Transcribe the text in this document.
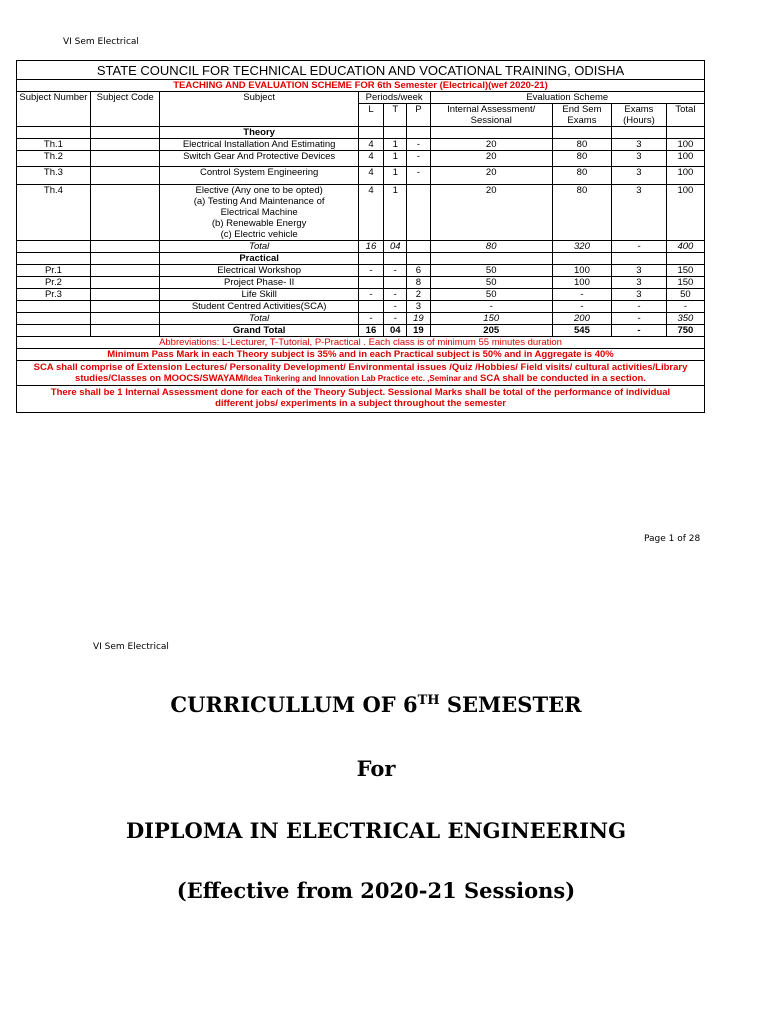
VI Sem Electrical
STATE COUNCIL FOR TECHNICAL EDUCATION AND VOCATIONAL TRAINING, ODISHA									
TEACHING AND EVALUATION SCHEME FOR 6th Semester (Electrical)(wef 2020-21)									
Subject Number	Subject Code	Subject	Periods/week			Evaluation Scheme			
			L	T	P	Internal Assessment/ Sessional	End Sem Exams	Exams (Hours)	Total
		Theory							
Th.1		Electrical Installation And Estimating	4	1	-	20	80	3	100
Th.2		Switch Gear And Protective Devices	4	1	-	20	80	3	100
Th.3		Control System Engineering	4	1	-	20	80	3	100
Th.4		Elective (Any one to be opted)
(a) Testing And Maintenance of
Electrical Machine
(b) Renewable Energy
(c) Electric vehicle	4	1		20	80	3	100
		Total	16	04		80	320	-	400
		Practical							
Pr.1		Electrical Workshop	-	-	6	50	100	3	150
Pr.2		Project Phase- II			8	50	100	3	150
Pr.3		Life Skill	-	-	2	50	-	3	50
		Student Centred Activities(SCA)		-	3	-	-	-	-
		Total	-	-	19	150	200	-	350
		Grand Total	16	04	19	205	545	-	750
Abbreviations: L-Lecturer, T-Tutorial, P-Practical . Each class is of minimum 55 minutes duration									
Minimum Pass Mark in each Theory subject is 35% and in each Practical subject is 50% and in Aggregate is 40%									
SCA shall comprise of Extension Lectures/ Personality Development/ Environmental issues /Quiz /Hobbies/ Field visits/ cultural activities/Library studies/Classes on MOOCS/SWAYAM/Idea Tinkering and Innovation Lab Practice etc. ,Seminar and SCA shall be conducted in a section.									
There shall be 1 Internal Assessment done for each of the Theory Subject. Sessional Marks shall be total of the performance of individual different jobs/ experiments in a subject throughout the semester									
Page 1 of 28
VI Sem Electrical
CURRICULLUM OF 6TH SEMESTER
For
DIPLOMA IN ELECTRICAL ENGINEERING
(Effective from 2020-21 Sessions)
